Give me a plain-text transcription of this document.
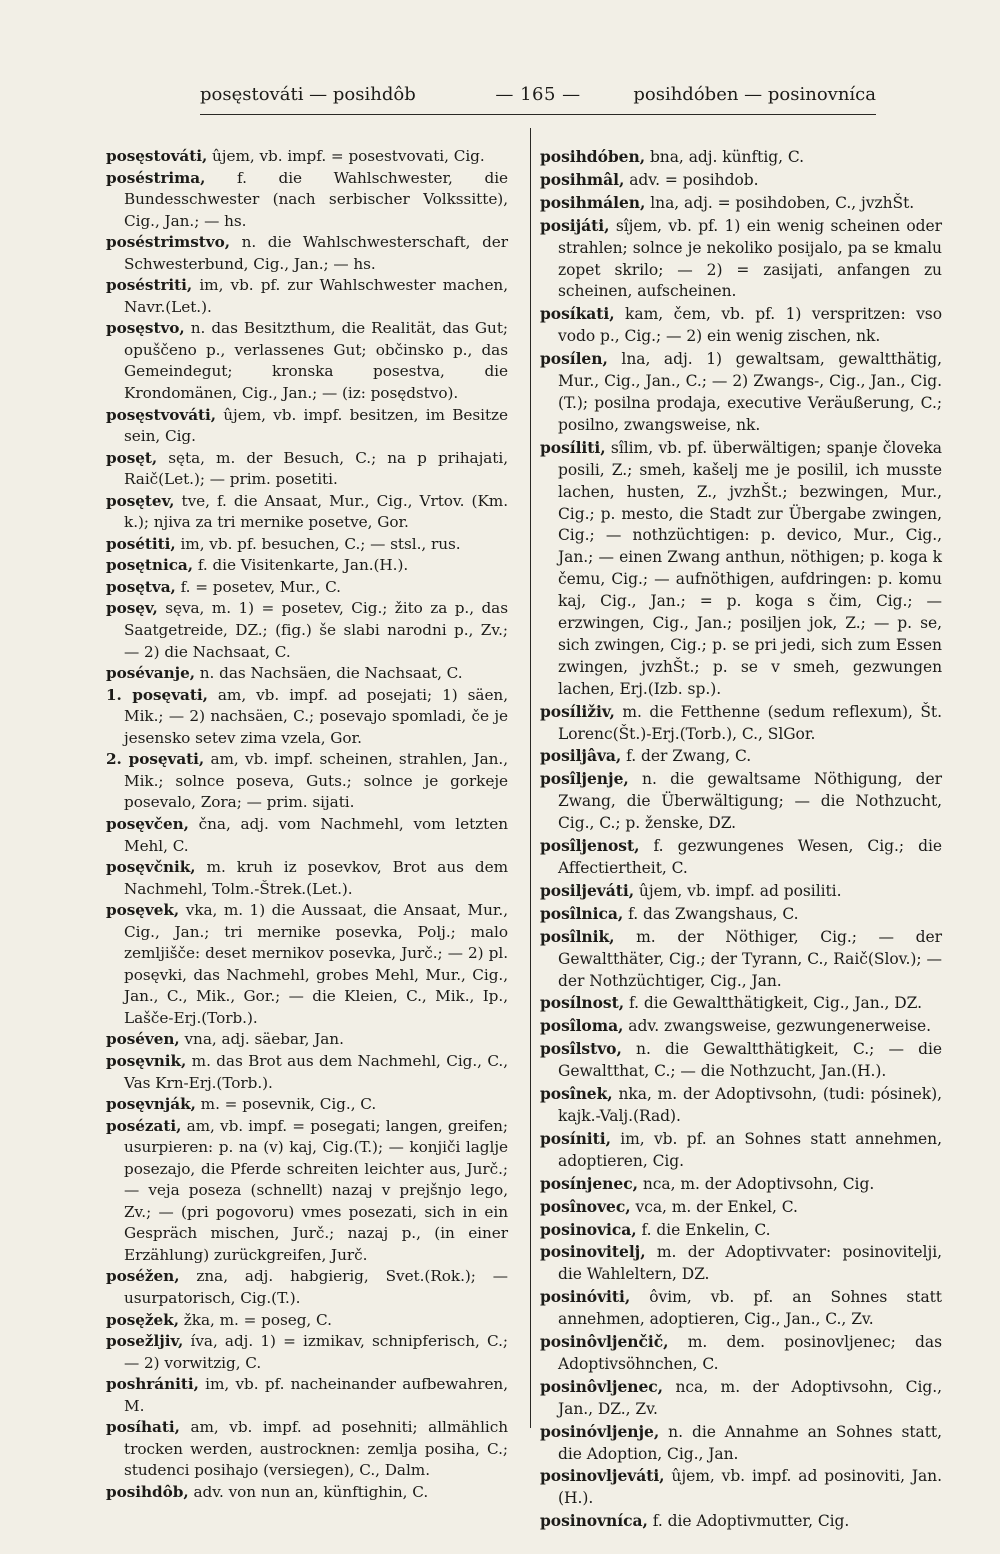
posęstováti — posihdôb	— 165 —	posihdóben — posinovníca

posęstováti, ûjem, vb. impf. = posestvovati, Cig.

poséstrima, f. die Wahlschwester, die Bundesschwester (nach serbischer Volkssitte), Cig., Jan.; — hs.

poséstrimstvo, n. die Wahlschwesterschaft, der Schwesterbund, Cig., Jan.; — hs.

poséstriti, im, vb. pf. zur Wahlschwester machen, Navr.(Let.).

posęstvo, n. das Besitzthum, die Realität, das Gut; opuščeno p., verlassenes Gut; občinsko p., das Gemeindegut; kronska posestva, die Krondomänen, Cig., Jan.; — (iz: posędstvo).

posęstvováti, ûjem, vb. impf. besitzen, im Besitze sein, Cig.

posęt, sęta, m. der Besuch, C.; na p prihajati, Raič(Let.); — prim. posetiti.

posętev, tve, f. die Ansaat, Mur., Cig., Vrtov. (Km. k.); njiva za tri mernike posetve, Gor.

posétiti, im, vb. pf. besuchen, C.; — stsl., rus.

posętnica, f. die Visitenkarte, Jan.(H.).

posętva, f. = posetev, Mur., C.

posęv, sęva, m. 1) = posetev, Cig.; žito za p., das Saatgetreide, DZ.; (fig.) še slabi narodni p., Zv.; — 2) die Nachsaat, C.

posévanje, n. das Nachsäen, die Nachsaat, C.

1. posęvati, am, vb. impf. ad posejati; 1) säen, Mik.; — 2) nachsäen, C.; posevajo spomladi, če je jesensko setev zima vzela, Gor.

2. posęvati, am, vb. impf. scheinen, strahlen, Jan., Mik.; solnce poseva, Guts.; solnce je gorkeje posevalo, Zora; — prim. sijati.

posęvčen, čna, adj. vom Nachmehl, vom letzten Mehl, C.

posęvčnik, m. kruh iz posevkov, Brot aus dem Nachmehl, Tolm.-Štrek.(Let.).

posęvek, vka, m. 1) die Aussaat, die Ansaat, Mur., Cig., Jan.; tri mernike posevka, Polj.; malo zemljišče: deset mernikov posevka, Jurč.; — 2) pl. posęvki, das Nachmehl, grobes Mehl, Mur., Cig., Jan., C., Mik., Gor.; — die Kleien, C., Mik., Ip., Lašče-Erj.(Torb.).

poséven, vna, adj. säebar, Jan.

posęvnik, m. das Brot aus dem Nachmehl, Cig., C., Vas Krn-Erj.(Torb.).

posęvnják, m. = posevnik, Cig., C.

posézati, am, vb. impf. = posegati; langen, greifen; usurpieren: p. na (v) kaj, Cig.(T.); — konjiči laglje posezajo, die Pferde schreiten leichter aus, Jurč.; — veja poseza (schnellt) nazaj v prejšnjo lego, Zv.; — (pri pogovoru) vmes posezati, sich in ein Gespräch mischen, Jurč.; nazaj p., (in einer Erzählung) zurückgreifen, Jurč.

poséžen, zna, adj. habgierig, Svet.(Rok.); — usurpatorisch, Cig.(T.).

posęžek, žka, m. = poseg, C.

posežljiv, íva, adj. 1) = izmikav, schnipferisch, C.; — 2) vorwitzig, C.

poshrániti, im, vb. pf. nacheinander aufbewahren, M.

posíhati, am, vb. impf. ad posehniti; allmählich trocken werden, austrocknen: zemlja posiha, C.; studenci posihajo (versiegen), C., Dalm.

posihdôb, adv. von nun an, künftighin, C.

posihdóben, bna, adj. künftig, C.

posihmâl, adv. = posihdob.

posihmálen, lna, adj. = posihdoben, C., jvzhŠt.

posijáti, sîjem, vb. pf. 1) ein wenig scheinen oder strahlen; solnce je nekoliko posijalo, pa se kmalu zopet skrilo; — 2) = zasijati, anfangen zu scheinen, aufscheinen.

posíkati, kam, čem, vb. pf. 1) verspritzen: vso vodo p., Cig.; — 2) ein wenig zischen, nk.

posílen, lna, adj. 1) gewaltsam, gewaltthätig, Mur., Cig., Jan., C.; — 2) Zwangs-, Cig., Jan., Cig.(T.); posilna prodaja, executive Veräußerung, C.; posilno, zwangsweise, nk.

posíliti, sîlim, vb. pf. überwältigen; spanje človeka posili, Z.; smeh, kašelj me je posilil, ich musste lachen, husten, Z., jvzhŠt.; bezwingen, Mur., Cig.; p. mesto, die Stadt zur Übergabe zwingen, Cig.; — nothzüchtigen: p. devico, Mur., Cig., Jan.; — einen Zwang anthun, nöthigen; p. koga k čemu, Cig.; — aufnöthigen, aufdringen: p. komu kaj, Cig., Jan.; = p. koga s čim, Cig.; — erzwingen, Cig., Jan.; posiljen jok, Z.; — p. se, sich zwingen, Cig.; p. se pri jedi, sich zum Essen zwingen, jvzhŠt.; p. se v smeh, gezwungen lachen, Erj.(Izb. sp.).

posíliživ, m. die Fetthenne (sedum reflexum), Št. Lorenc(Št.)-Erj.(Torb.), C., SlGor.

posiljâva, f. der Zwang, C.

posîljenje, n. die gewaltsame Nöthigung, der Zwang, die Überwältigung; — die Nothzucht, Cig., C.; p. ženske, DZ.

posîljenost, f. gezwungenes Wesen, Cig.; die Affectiertheit, C.

posiljeváti, ûjem, vb. impf. ad posiliti.

posîlnica, f. das Zwangshaus, C.

posîlnik, m. der Nöthiger, Cig.; — der Gewaltthäter, Cig.; der Tyrann, C., Raič(Slov.); — der Nothzüchtiger, Cig., Jan.

posílnost, f. die Gewaltthätigkeit, Cig., Jan., DZ.

posîloma, adv. zwangsweise, gezwungenerweise.

posîlstvo, n. die Gewaltthätigkeit, C.; — die Gewaltthat, C.; — die Nothzucht, Jan.(H.).

posînek, nka, m. der Adoptivsohn, (tudi: pósinek), kajk.-Valj.(Rad).

posíniti, im, vb. pf. an Sohnes statt annehmen, adoptieren, Cig.

posínjenec, nca, m. der Adoptivsohn, Cig.

posînovec, vca, m. der Enkel, C.

posinovica, f. die Enkelin, C.

posinovitelj, m. der Adoptivvater: posinovitelji, die Wahleltern, DZ.

posinóviti, ôvim, vb. pf. an Sohnes statt annehmen, adoptieren, Cig., Jan., C., Zv.

posinôvljenčič, m. dem. posinovljenec; das Adoptivsöhnchen, C.

posinôvljenec, nca, m. der Adoptivsohn, Cig., Jan., DZ., Zv.

posinóvljenje, n. die Annahme an Sohnes statt, die Adoption, Cig., Jan.

posinovljeváti, ûjem, vb. impf. ad posinoviti, Jan.(H.).

posinovníca, f. die Adoptivmutter, Cig.
